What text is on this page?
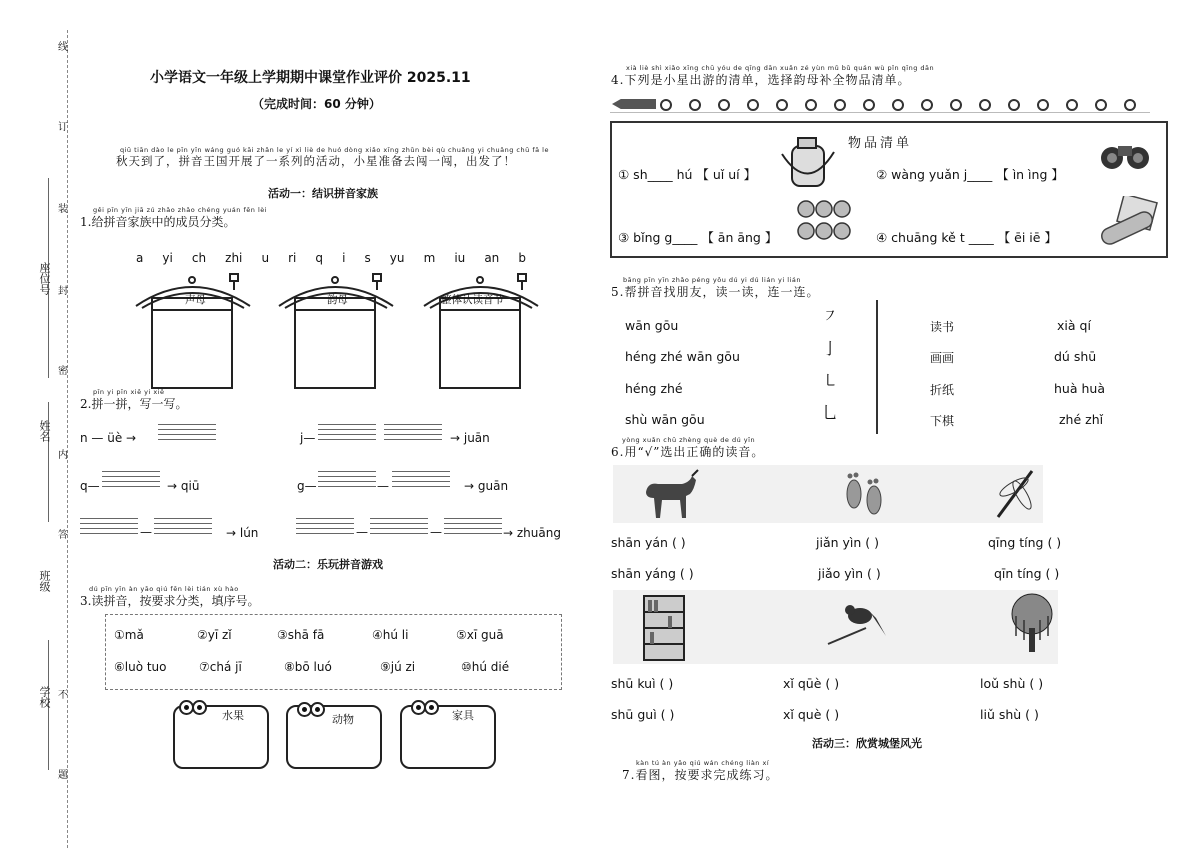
线
订
装
座位号 封
密
姓名
内
答
班级
学校 不
题
小学语文一年级上学期期中课堂作业评价 2025.11
（完成时间：60 分钟）
qiū tiān dào le pīn yīn wáng guó kāi zhǎn le yí xì liè de huó dòng xiǎo xīng zhǔn bèi qù chuǎng yi chuǎng chū fā le
秋天到了，拼音王国开展了一系列的活动，小星准备去闯一闯，出发了！
活动一：结识拼音家族
gěi pīn yīn jiā zú zhǎo zhǎo chéng yuán fēn lèi
1.给拼音家族中的成员分类。
a yi ch zhi u ri q i s yu m iu an b
声母	韵母	整体认读音节
pīn yi pīn xiě yi xiě
2.拼一拼，写一写。
n — üè →	j—	→ juān
q—	→ qiū	g—	—	→ guān
—	→ lún	—	—	→ zhuāng
活动二：乐玩拼音游戏
dú pīn yīn àn yāo qiú fēn lèi tián xù hào
3.读拼音，按要求分类，填序号。
①mǎ	②yī zǐ	③shā fā	④hú li	⑤xī guā
⑥luò tuo	⑦chá jī	⑧bō luó	⑨jú zi	⑩hú dié
水果	动物	家具
xià liè shì xiǎo xīng chū yóu de qīng dān xuǎn zé yùn mǔ bǔ quán wù pǐn qīng dān
4.下列是小星出游的清单，选择韵母补全物品清单。
物品清单
① sh____ hú 【 uǐ uí 】	② wàng yuǎn j____ 【 ìn ìng 】
③ bǐng g____ 【 ān āng 】	④ chuāng kě t ____ 【 ēi iē 】
bāng pīn yīn zhǎo péng yǒu dú yi dú lián yi lián
5.帮拼音找朋友，读一读，连一连。
wān gōu
héng zhé wān gōu
héng zhé
shù wān gōu
㇇
亅
㇄
乚
读书
画画
折纸
下棋
xià qí
dú shū
huà huà
zhé zhǐ
yòng xuǎn chū zhèng què de dú yīn
6.用“√”选出正确的读音。
shān yán ( )	jiǎn yìn ( )	qīng tíng ( )
shān yáng ( )	jiǎo yìn ( )	qīn tíng ( )
shū kuì ( )	xǐ qūè ( )	loǔ shù ( )
shū guì ( )	xǐ què ( )	liǔ shù ( )
活动三：欣赏城堡风光
kàn tú àn yāo qiú wán chéng liàn xí
7.看图，按要求完成练习。
